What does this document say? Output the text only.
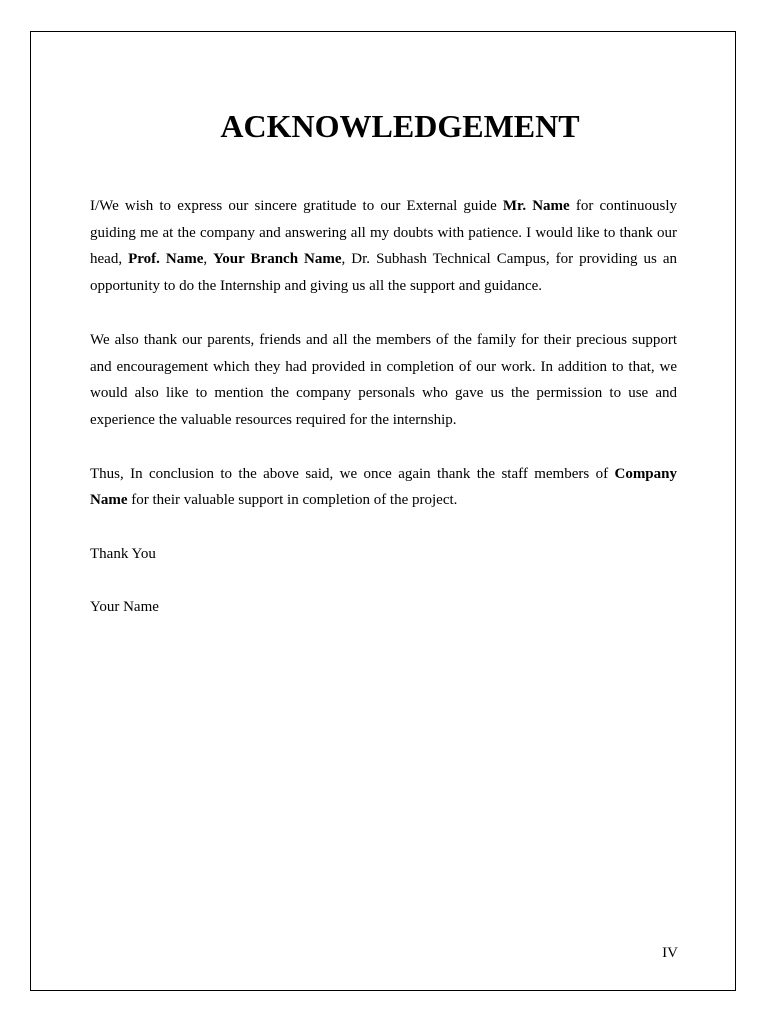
ACKNOWLEDGEMENT

I/We wish to express our sincere gratitude to our External guide Mr. Name for continuously guiding me at the company and answering all my doubts with patience. I would like to thank our head, Prof. Name, Your Branch Name, Dr. Subhash Technical Campus, for providing us an opportunity to do the Internship and giving us all the support and guidance.

We also thank our parents, friends and all the members of the family for their precious support and encouragement which they had provided in completion of our work. In addition to that, we would also like to mention the company personals who gave us the permission to use and experience the valuable resources required for the internship.

Thus, In conclusion to the above said, we once again thank the staff members of Company Name for their valuable support in completion of the project.

Thank You

Your Name

IV
